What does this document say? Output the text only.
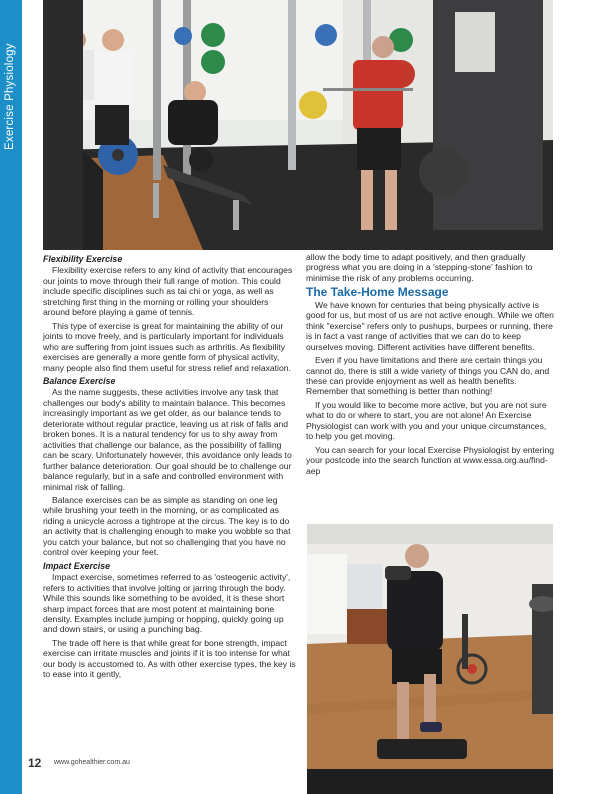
Exercise Physiology
Flexibility Exercise

Flexibility exercise refers to any kind of activity that encourages our joints to move through their full range of motion. This could include specific disciplines such as tai chi or yoga, as well as stretching first thing in the morning or rolling your shoulders around before playing a game of tennis.

This type of exercise is great for maintaining the ability of our joints to move freely, and is particularly important for individuals who are suffering from joint issues such as arthritis. As flexibility exercises are generally a more gentle form of physical activity, many people also find them useful for stress relief and relaxation.

Balance Exercise

As the name suggests, these activities involve any task that challenges our body's ability to maintain balance. This becomes increasingly important as we get older, as our balance tends to deteriorate without regular practice, leaving us at risk of falls and broken bones. It is a natural tendency for us to shy away from activities that challenge our balance, as the possibility of falling can be scary. Unfortunately however, this avoidance only leads to further balance deterioration. Our goal should be to challenge our balance regularly, but in a safe and controlled environment with minimal risk of falling.

Balance exercises can be as simple as standing on one leg while brushing your teeth in the morning, or as complicated as riding a unicycle across a tightrope at the circus. The key is to do an activity that is challenging enough to make you wobble so that you catch your balance, but not so challenging that you have no control over keeping your feet.

Impact Exercise

Impact exercise, sometimes referred to as 'osteogenic activity', refers to activities that involve jolting or jarring through the body. While this sounds like something to be avoided, it is these short sharp impact forces that are most potent at maintaining bone density. Examples include jumping or hopping, quickly going up and down stairs, or using a punching bag.

The trade off here is that while great for bone strength, impact exercise can irritate muscles and joints if it is too intense for what our body is accustomed to. As with other exercise types, the key is to ease into it gently,

allow the body time to adapt positively, and then gradually progress what you are doing in a 'stepping-stone' fashion to minimise the risk of any problems occurring.

The Take-Home Message

We have known for centuries that being physically active is good for us, but most of us are not active enough. While we often think "exercise" refers only to pushups, burpees or running, there is in fact a vast range of activities that we can do to keep ourselves moving. Different activities have different benefits.

Even if you have limitations and there are certain things you cannot do, there is still a wide variety of things you CAN do, and these can provide enjoyment as well as health benefits. Remember that something is better than nothing!

If you would like to become more active, but you are not sure what to do or where to start, you are not alone! An Exercise Physiologist can work with you and your unique circumstances, to help you get moving.

You can search for your local Exercise Physiologist by entering your postcode into the search function at www.essa.org.au/find-aep

12 www.gohealthier.com.au
